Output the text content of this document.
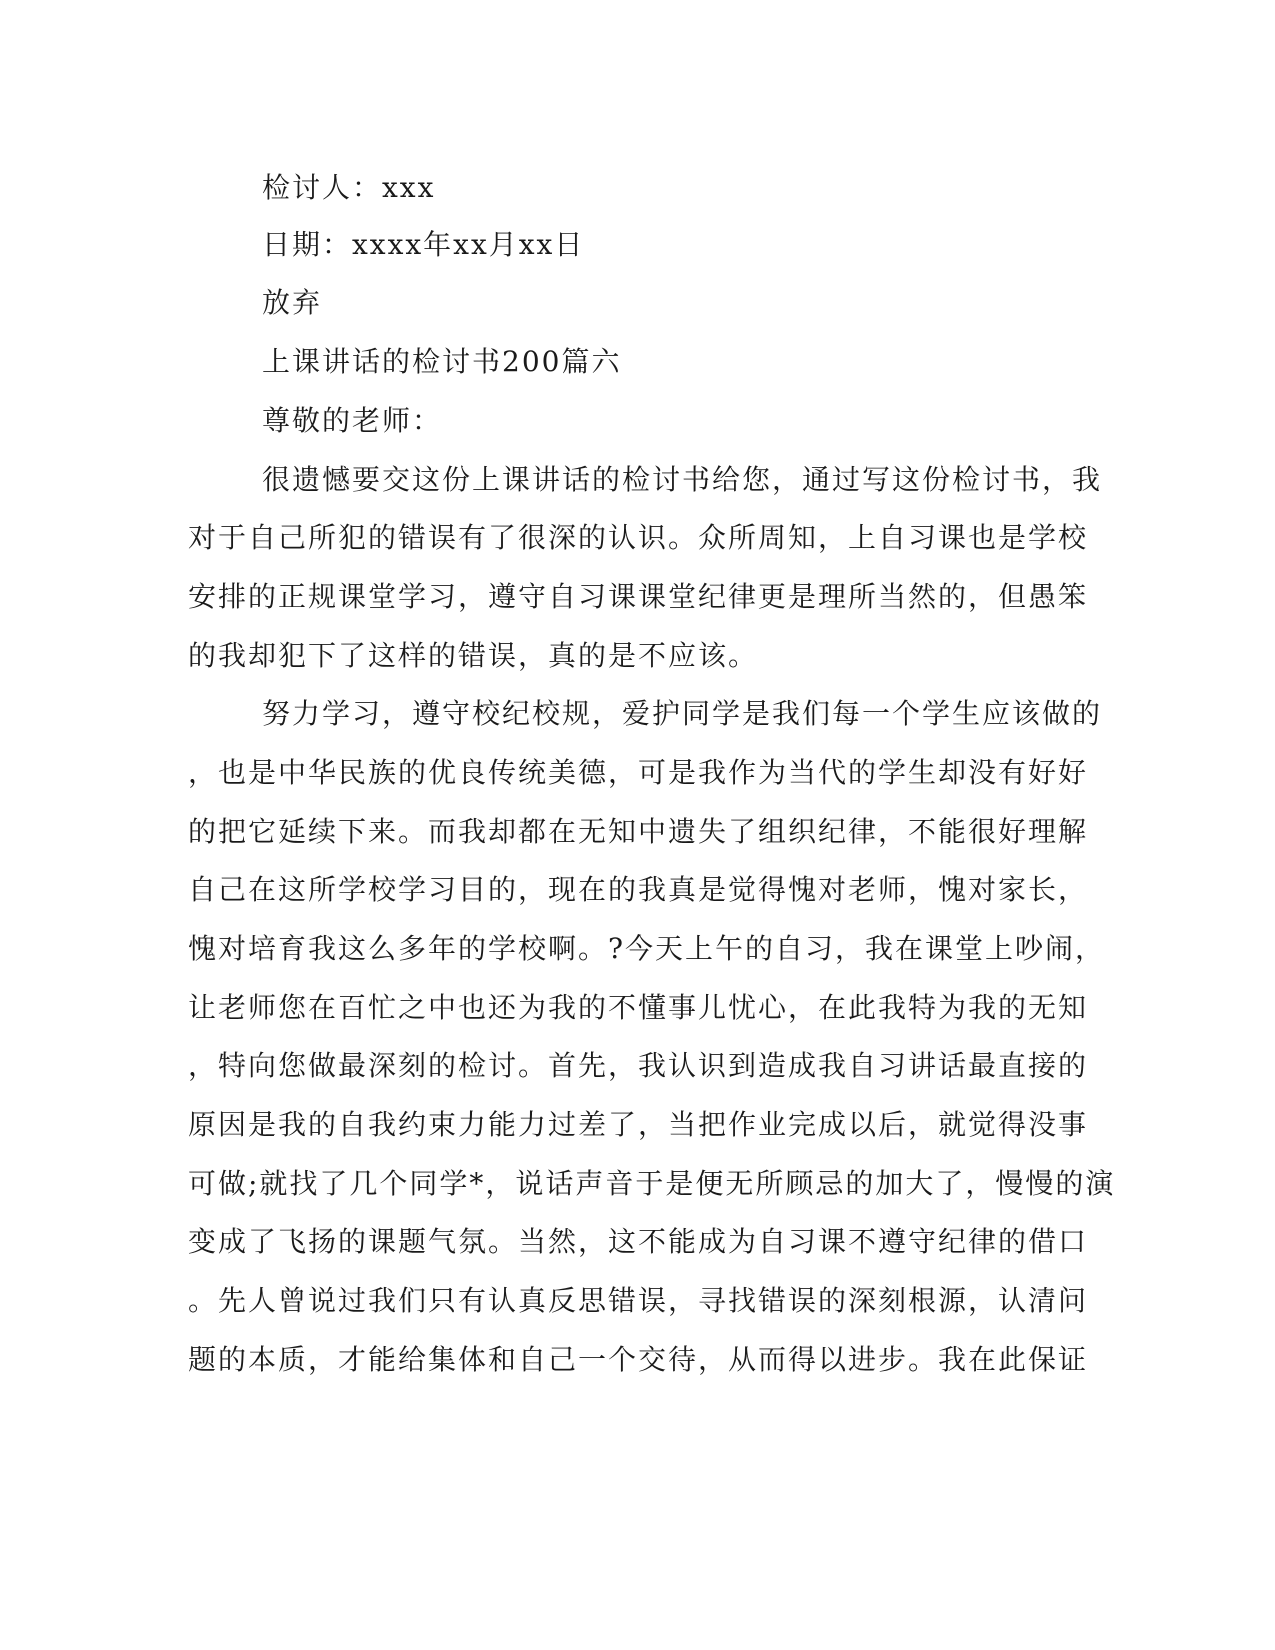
检讨人：xxx
日期：xxxx年xx月xx日
放弃
上课讲话的检讨书200篇六
尊敬的老师：
很遗憾要交这份上课讲话的检讨书给您，通过写这份检讨书，我
对于自己所犯的错误有了很深的认识。众所周知，上自习课也是学校
安排的正规课堂学习，遵守自习课课堂纪律更是理所当然的，但愚笨
的我却犯下了这样的错误，真的是不应该。
努力学习，遵守校纪校规，爱护同学是我们每一个学生应该做的
，也是中华民族的优良传统美德，可是我作为当代的学生却没有好好
的把它延续下来。而我却都在无知中遗失了组织纪律，不能很好理解
自己在这所学校学习目的，现在的我真是觉得愧对老师，愧对家长，
愧对培育我这么多年的学校啊。?今天上午的自习，我在课堂上吵闹，
让老师您在百忙之中也还为我的不懂事儿忧心，在此我特为我的无知
，特向您做最深刻的检讨。首先，我认识到造成我自习讲话最直接的
原因是我的自我约束力能力过差了，当把作业完成以后，就觉得没事
可做;就找了几个同学*，说话声音于是便无所顾忌的加大了，慢慢的演
变成了飞扬的课题气氛。当然，这不能成为自习课不遵守纪律的借口
。先人曾说过我们只有认真反思错误，寻找错误的深刻根源，认清问
题的本质，才能给集体和自己一个交待，从而得以进步。我在此保证
